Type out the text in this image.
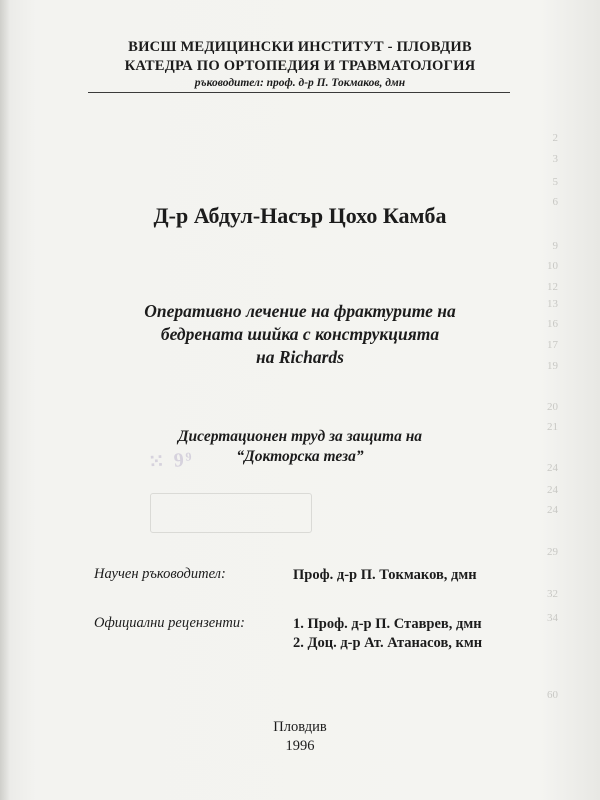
2
3
5
6
9
10
12
13
16
17
19
20
21
24
24
24
29
32
34
60
⁙ 9⁹
ВИСШ МЕДИЦИНСКИ ИНСТИТУТ - ПЛОВДИВ
КАТЕДРА ПО ОРТОПЕДИЯ И ТРАВМАТОЛОГИЯ
ръководител: проф. д-р П. Токмаков, дмн
Д-р Абдул-Насър Цохо Камба
Оперативно лечение на фрактурите на
бедрената шийка с конструкцията
на Richards
Дисертационен труд за защита на
“Докторска теза”
Научен ръководител:	Проф. д-р П. Токмаков, дмн
Официални рецензенти:	1. Проф. д-р П. Ставрев, дмн
2. Доц. д-р Ат. Атанасов, кмн
Пловдив
1996
